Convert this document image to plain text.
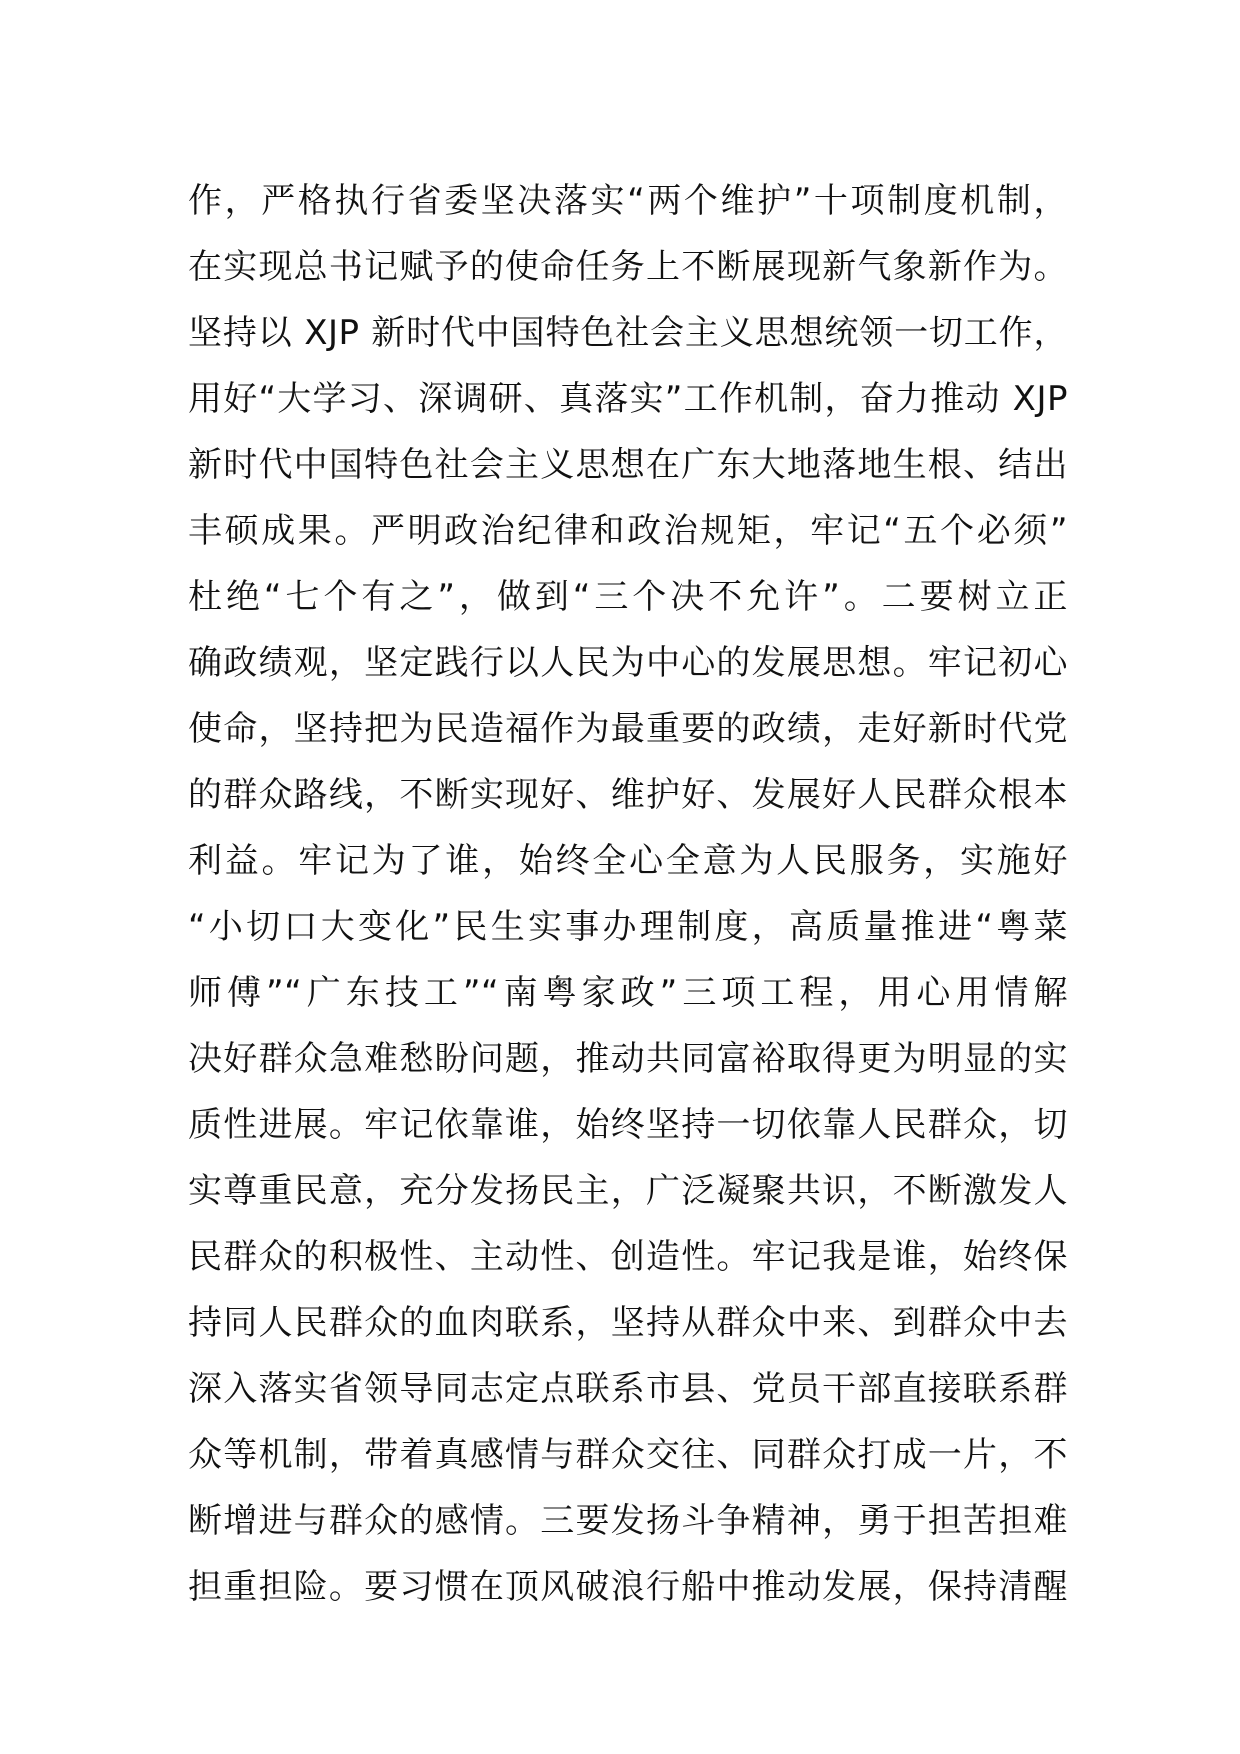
作，严格执行省委坚决落实“两个维护”十项制度机制，
在实现总书记赋予的使命任务上不断展现新气象新作为。
坚持以 XJP 新时代中国特色社会主义思想统领一切工作，
用好“大学习、深调研、真落实”工作机制，奋力推动 XJP
新时代中国特色社会主义思想在广东大地落地生根、结出
丰硕成果。严明政治纪律和政治规矩，牢记“五个必须”
杜绝“七个有之”，做到“三个决不允许”。二要树立正
确政绩观，坚定践行以人民为中心的发展思想。牢记初心
使命，坚持把为民造福作为最重要的政绩，走好新时代党
的群众路线，不断实现好、维护好、发展好人民群众根本
利益。牢记为了谁，始终全心全意为人民服务，实施好
“小切口大变化”民生实事办理制度，高质量推进“粤菜
师傅”“广东技工”“南粤家政”三项工程，用心用情解
决好群众急难愁盼问题，推动共同富裕取得更为明显的实
质性进展。牢记依靠谁，始终坚持一切依靠人民群众，切
实尊重民意，充分发扬民主，广泛凝聚共识，不断激发人
民群众的积极性、主动性、创造性。牢记我是谁，始终保
持同人民群众的血肉联系，坚持从群众中来、到群众中去
深入落实省领导同志定点联系市县、党员干部直接联系群
众等机制，带着真感情与群众交往、同群众打成一片，不
断增进与群众的感情。三要发扬斗争精神，勇于担苦担难
担重担险。要习惯在顶风破浪行船中推动发展，保持清醒
